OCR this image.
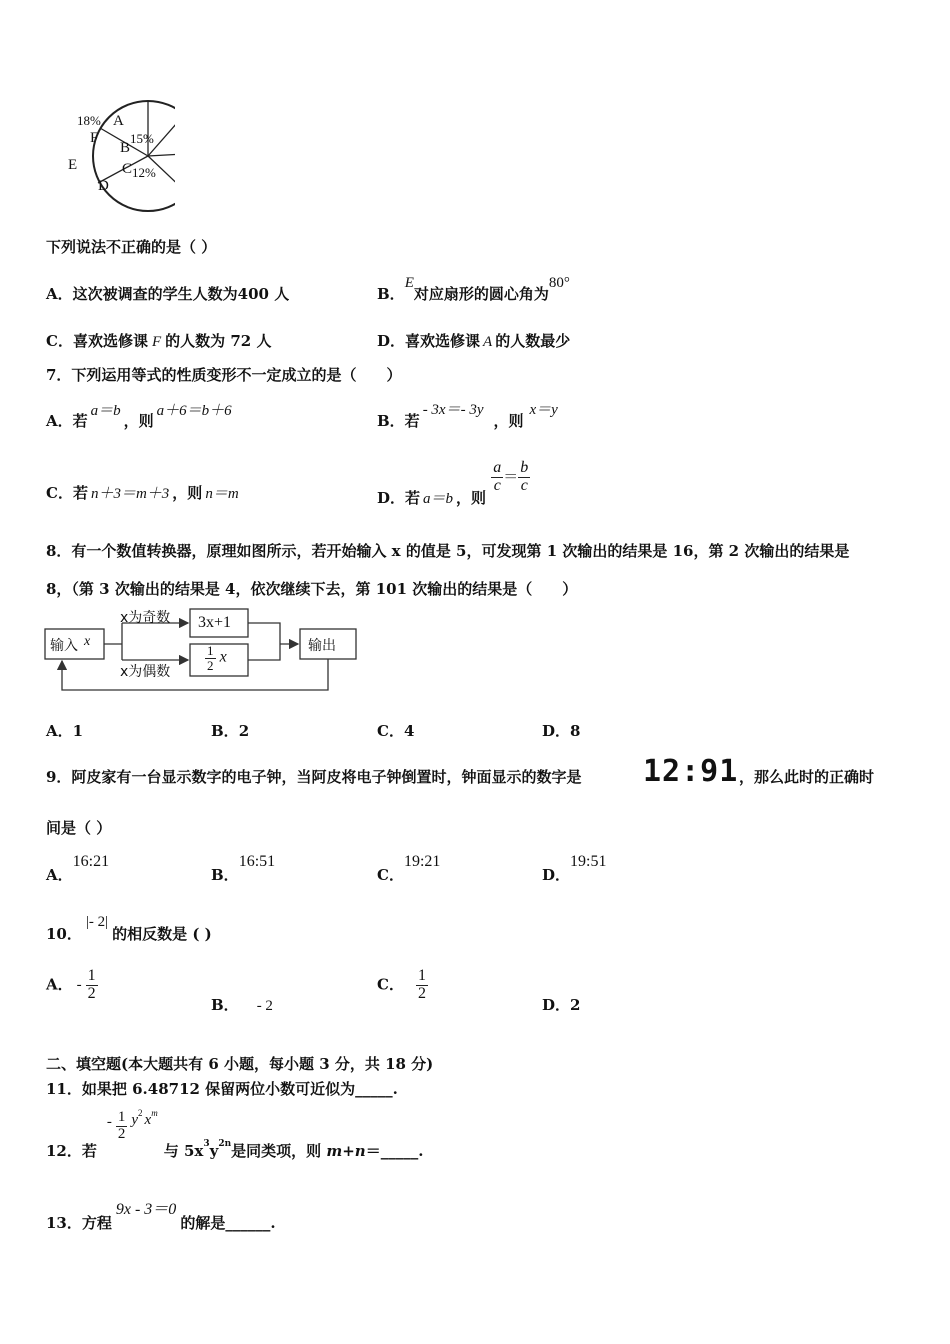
18%
F
A
B
15%
C 12%
D
E
下列说法不正确的是（ ）
A．这次被调查的学生人数为400 人	B．E对应扇形的圆心角为80°
C．喜欢选修课 F 的人数为 72 人	D．喜欢选修课 A 的人数最少
7．下列运用等式的性质变形不一定成立的是（　　）
A．若a＝b，则a＋6＝b＋6
B．若- 3x＝- 3y，则x＝y
C．若 n＋3＝m＋3 ，则 n＝m	D．若 a＝b ，则
$\frac{a}{c} = \frac{b}{c}$
8．有一个数值转换器，原理如图所示，若开始输入 x 的值是 5，可发现第 1 次输出的结果是 16，第 2 次输出的结果是
8，（第 3 次输出的结果是 4，依次继续下去，第 101 次输出的结果是（　　）
输入 x
x为奇数
x为偶数
3x+1
$\frac{1}{2}$ x
输出
A．1	B．2	C．4	D．8
9．阿皮家有一台显示数字的电子钟，当阿皮将电子钟倒置时，钟面显示的数字是 12:91 ，那么此时的正确时
间是（ ）
A．16:21
B．16:51
C．19:21
D．19:51
10．|- 2|的相反数是 ( )
A． - $\frac{1}{2}$
B． - 2
C． $\frac{1}{2}$
D．2
二、填空题(本大题共有 6 小题，每小题 3 分，共 18 分)
11．如果把 6.48712 保留两位小数可近似为_____.
12．若- $\frac{1}{2} y^2$ $x^m$与 $5x^3y^{2n}$是同类项，则 m+n＝_____.
13．方程9x - 3＝0的解是______.
